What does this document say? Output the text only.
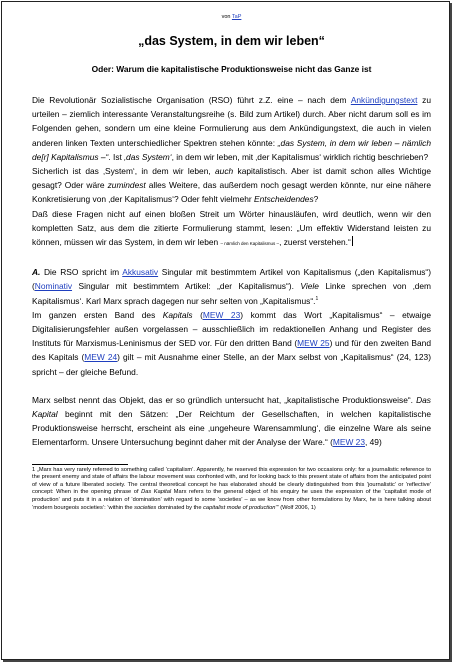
von TaP
„das System, in dem wir leben“
Oder: Warum die kapitalistische Produktionsweise nicht das Ganze ist
Die Revolutionär Sozialistische Organisation (RSO) führt z.Z. eine – nach dem Ankündigungstext zu urteilen – ziemlich interessante Veranstaltungsreihe (s. Bild zum Artikel) durch. Aber nicht darum soll es im Folgenden gehen, sondern um eine kleine Formulierung aus dem Ankündigungstext, die auch in vielen anderen linken Texten unterschiedlicher Spektren stehen könnte: „das System, in dem wir leben – nämlich de[r] Kapitalismus –“. Ist ‚das System‘, in dem wir leben, mit ‚der Kapitalismus‘ wirklich richtig beschrieben?
Sicherlich ist das ‚System‘, in dem wir leben, auch kapitalistisch. Aber ist damit schon alles Wichtige gesagt? Oder wäre zumindest alles Weitere, das außerdem noch gesagt werden könnte, nur eine nähere Konkretisierung von ‚der Kapitalismus‘? Oder fehlt vielmehr Entscheidendes?
Daß diese Fragen nicht auf einen bloßen Streit um Wörter hinausläufen, wird deutlich, wenn wir den kompletten Satz, aus dem die zitierte Formulierung stammt, lesen: „Um effektiv Widerstand leisten zu können, müssen wir das System, in dem wir leben – nämlich den Kapitalismus –, zuerst verstehen.“
A. Die RSO spricht im Akkusativ Singular mit bestimmtem Artikel von Kapitalismus („den Kapitalismus“) (Nominativ Singular mit bestimmtem Artikel: „der Kapitalismus“). Viele Linke sprechen von ‚dem Kapitalismus‘. Karl Marx sprach dagegen nur sehr selten von „Kapitalismus“.$^1$
Im ganzen ersten Band des Kapitals (MEW 23) kommt das Wort „Kapitalismus“ – etwaige Digitalisierungsfehler außen vorgelassen – ausschließlich im redaktionellen Anhang und Register des Instituts für Marxismus-Leninismus der SED vor. Für den dritten Band (MEW 25) und für den zweiten Band des Kapitals (MEW 24) gilt – mit Ausnahme einer Stelle, an der Marx selbst von „Kapitalismus“ (24, 123) spricht – der gleiche Befund.
Marx selbst nennt das Objekt, das er so gründlich untersucht hat, „kapitalistische Produktionsweise“. Das Kapital beginnt mit den Sätzen: „Der Reichtum der Gesellschaften, in welchen kapitalistische Produktionsweise herrscht, erscheint als eine ‚ungeheure Warensammlung‘, die einzelne Ware als seine Elementarform. Unsere Untersuchung beginnt daher mit der Analyse der Ware.“ (MEW 23, 49)
1 „Marx has very rarely referred to something called ‘capitalism’. Apparently, he reserved this expression for two occasions only: for a journalistic reference to the present enemy and state of affairs the labour movement was confronted with, and for looking back to this present state of affairs from the anticipated point of view of a future liberated society. The central theoretical concept he has elaborated should be clearly distinguished from this ‘journalistic’ or ‘reflective’ concept: When in the opening phrase of Das Kapital Marx refers to the general object of his enquiry he uses the expression of the ‘capitalist mode of production’ and puts it in a relation of ‘domination’ with regard to some ‘societies’ – as we know from other formulations by Marx, he is here talking about ‘modern bourgeois societies’: ‘within the societies dominated by the capitalist mode of production’” (Wolf 2006, 1)
